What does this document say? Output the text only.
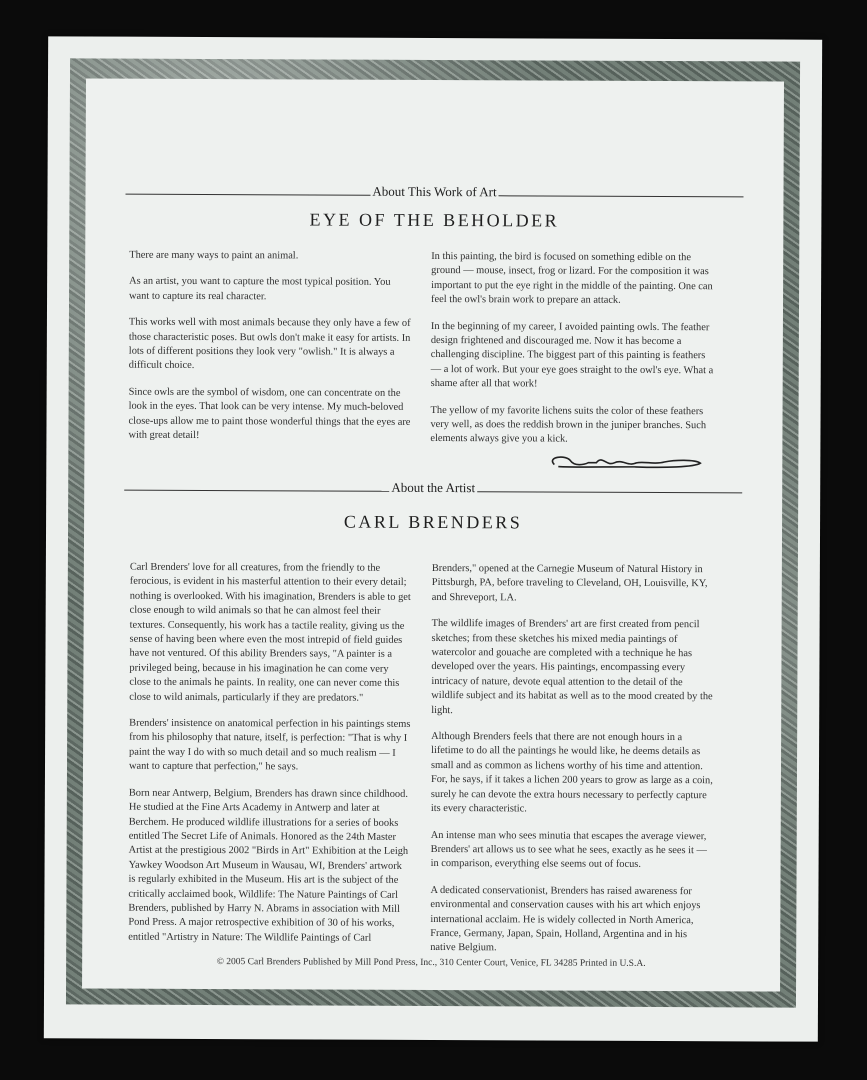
About This Work of Art
EYE OF THE BEHOLDER

There are many ways to paint an animal.

As an artist, you want to capture the most typical position. You want to capture its real character.

This works well with most animals because they only have a few of those characteristic poses. But owls don't make it easy for artists. In lots of different positions they look very "owlish." It is always a difficult choice.

Since owls are the symbol of wisdom, one can concentrate on the look in the eyes. That look can be very intense. My much-beloved close-ups allow me to paint those wonderful things that the eyes are with great detail!

In this painting, the bird is focused on something edible on the ground — mouse, insect, frog or lizard. For the composition it was important to put the eye right in the middle of the painting. One can feel the owl's brain work to prepare an attack.

In the beginning of my career, I avoided painting owls. The feather design frightened and discouraged me. Now it has become a challenging discipline. The biggest part of this painting is feathers — a lot of work. But your eye goes straight to the owl's eye. What a shame after all that work!

The yellow of my favorite lichens suits the color of these feathers very well, as does the reddish brown in the juniper branches. Such elements always give you a kick.

About the Artist
CARL BRENDERS

Carl Brenders' love for all creatures, from the friendly to the ferocious, is evident in his masterful attention to their every detail; nothing is overlooked. With his imagination, Brenders is able to get close enough to wild animals so that he can almost feel their textures. Consequently, his work has a tactile reality, giving us the sense of having been where even the most intrepid of field guides have not ventured. Of this ability Brenders says, "A painter is a privileged being, because in his imagination he can come very close to the animals he paints. In reality, one can never come this close to wild animals, particularly if they are predators."

Brenders' insistence on anatomical perfection in his paintings stems from his philosophy that nature, itself, is perfection: "That is why I paint the way I do with so much detail and so much realism — I want to capture that perfection," he says.

Born near Antwerp, Belgium, Brenders has drawn since childhood. He studied at the Fine Arts Academy in Antwerp and later at Berchem. He produced wildlife illustrations for a series of books entitled The Secret Life of Animals. Honored as the 24th Master Artist at the prestigious 2002 "Birds in Art" Exhibition at the Leigh Yawkey Woodson Art Museum in Wausau, WI, Brenders' artwork is regularly exhibited in the Museum. His art is the subject of the critically acclaimed book, Wildlife: The Nature Paintings of Carl Brenders, published by Harry N. Abrams in association with Mill Pond Press. A major retrospective exhibition of 30 of his works, entitled "Artistry in Nature: The Wildlife Paintings of Carl

Brenders," opened at the Carnegie Museum of Natural History in Pittsburgh, PA, before traveling to Cleveland, OH, Louisville, KY, and Shreveport, LA.

The wildlife images of Brenders' art are first created from pencil sketches; from these sketches his mixed media paintings of watercolor and gouache are completed with a technique he has developed over the years. His paintings, encompassing every intricacy of nature, devote equal attention to the detail of the wildlife subject and its habitat as well as to the mood created by the light.

Although Brenders feels that there are not enough hours in a lifetime to do all the paintings he would like, he deems details as small and as common as lichens worthy of his time and attention. For, he says, if it takes a lichen 200 years to grow as large as a coin, surely he can devote the extra hours necessary to perfectly capture its every characteristic.

An intense man who sees minutia that escapes the average viewer, Brenders' art allows us to see what he sees, exactly as he sees it — in comparison, everything else seems out of focus.

A dedicated conservationist, Brenders has raised awareness for environmental and conservation causes with his art which enjoys international acclaim. He is widely collected in North America, France, Germany, Japan, Spain, Holland, Argentina and in his native Belgium.

© 2005 Carl Brenders Published by Mill Pond Press, Inc., 310 Center Court, Venice, FL 34285 Printed in U.S.A.
